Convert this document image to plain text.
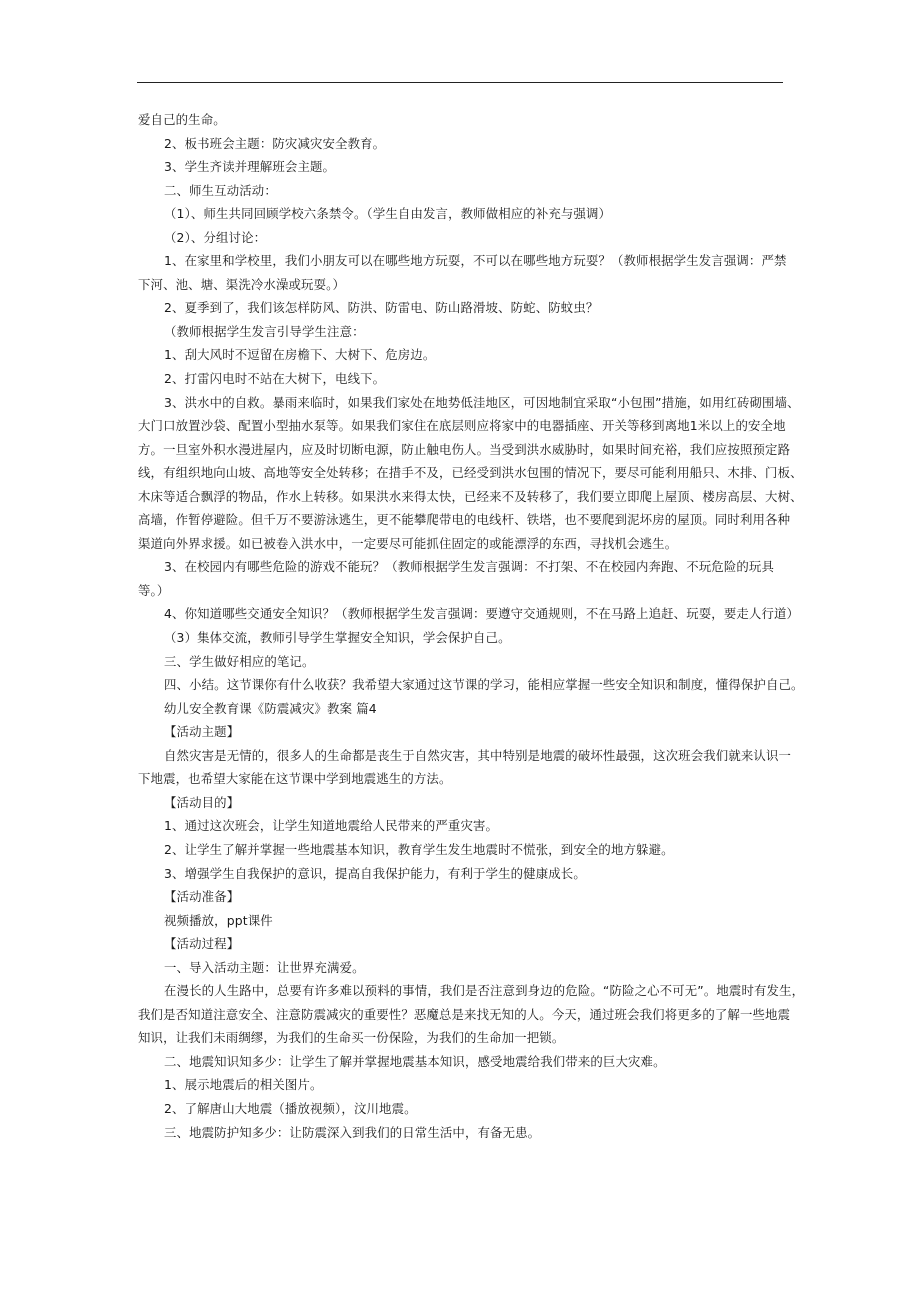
爱自己的生命。
2、板书班会主题：防灾减灾安全教育。
3、学生齐读并理解班会主题。
二、师生互动活动：
（1）、师生共同回顾学校六条禁令。（学生自由发言，教师做相应的补充与强调）
（2）、分组讨论：
1、在家里和学校里，我们小朋友可以在哪些地方玩耍，不可以在哪些地方玩耍？（教师根据学生发言强调：严禁
下河、池、塘、渠洗冷水澡或玩耍。）
2、夏季到了，我们该怎样防风、防洪、防雷电、防山路滑坡、防蛇、防蚊虫？
（教师根据学生发言引导学生注意：
1、刮大风时不逗留在房檐下、大树下、危房边。
2、打雷闪电时不站在大树下，电线下。
3、洪水中的自救。暴雨来临时，如果我们家处在地势低洼地区，可因地制宜采取“小包围”措施，如用红砖砌围墙、
大门口放置沙袋、配置小型抽水泵等。如果我们家住在底层则应将家中的电器插座、开关等移到离地1米以上的安全地
方。一旦室外积水漫进屋内，应及时切断电源，防止触电伤人。当受到洪水威胁时，如果时间充裕，我们应按照预定路
线，有组织地向山坡、高地等安全处转移；在措手不及，已经受到洪水包围的情况下，要尽可能利用船只、木排、门板、
木床等适合飘浮的物品，作水上转移。如果洪水来得太快，已经来不及转移了，我们要立即爬上屋顶、楼房高层、大树、
高墙，作暂停避险。但千万不要游泳逃生，更不能攀爬带电的电线杆、铁塔，也不要爬到泥坏房的屋顶。同时利用各种
渠道向外界求援。如已被卷入洪水中，一定要尽可能抓住固定的或能漂浮的东西，寻找机会逃生。
3、在校园内有哪些危险的游戏不能玩？（教师根据学生发言强调：不打架、不在校园内奔跑、不玩危险的玩具
等。）
4、你知道哪些交通安全知识？（教师根据学生发言强调：要遵守交通规则，不在马路上追赶、玩耍，要走人行道）
（3）集体交流，教师引导学生掌握安全知识，学会保护自己。
三、学生做好相应的笔记。
四、小结。这节课你有什么收获？我希望大家通过这节课的学习，能相应掌握一些安全知识和制度，懂得保护自己。
幼儿安全教育课《防震减灾》教案 篇4
【活动主题】
自然灾害是无情的，很多人的生命都是丧生于自然灾害，其中特别是地震的破坏性最强，这次班会我们就来认识一
下地震，也希望大家能在这节课中学到地震逃生的方法。
【活动目的】
1、通过这次班会，让学生知道地震给人民带来的严重灾害。
2、让学生了解并掌握一些地震基本知识，教育学生发生地震时不慌张，到安全的地方躲避。
3、增强学生自我保护的意识，提高自我保护能力，有利于学生的健康成长。
【活动准备】
视频播放，ppt课件
【活动过程】
一、导入活动主题：让世界充满爱。
在漫长的人生路中，总要有许多难以预料的事情，我们是否注意到身边的危险。“防险之心不可无”。地震时有发生，
我们是否知道注意安全、注意防震减灾的重要性？恶魔总是来找无知的人。今天，通过班会我们将更多的了解一些地震
知识，让我们未雨绸缪，为我们的生命买一份保险，为我们的生命加一把锁。
二、地震知识知多少：让学生了解并掌握地震基本知识，感受地震给我们带来的巨大灾难。
1、展示地震后的相关图片。
2、了解唐山大地震（播放视频），汶川地震。
三、地震防护知多少：让防震深入到我们的日常生活中，有备无患。
